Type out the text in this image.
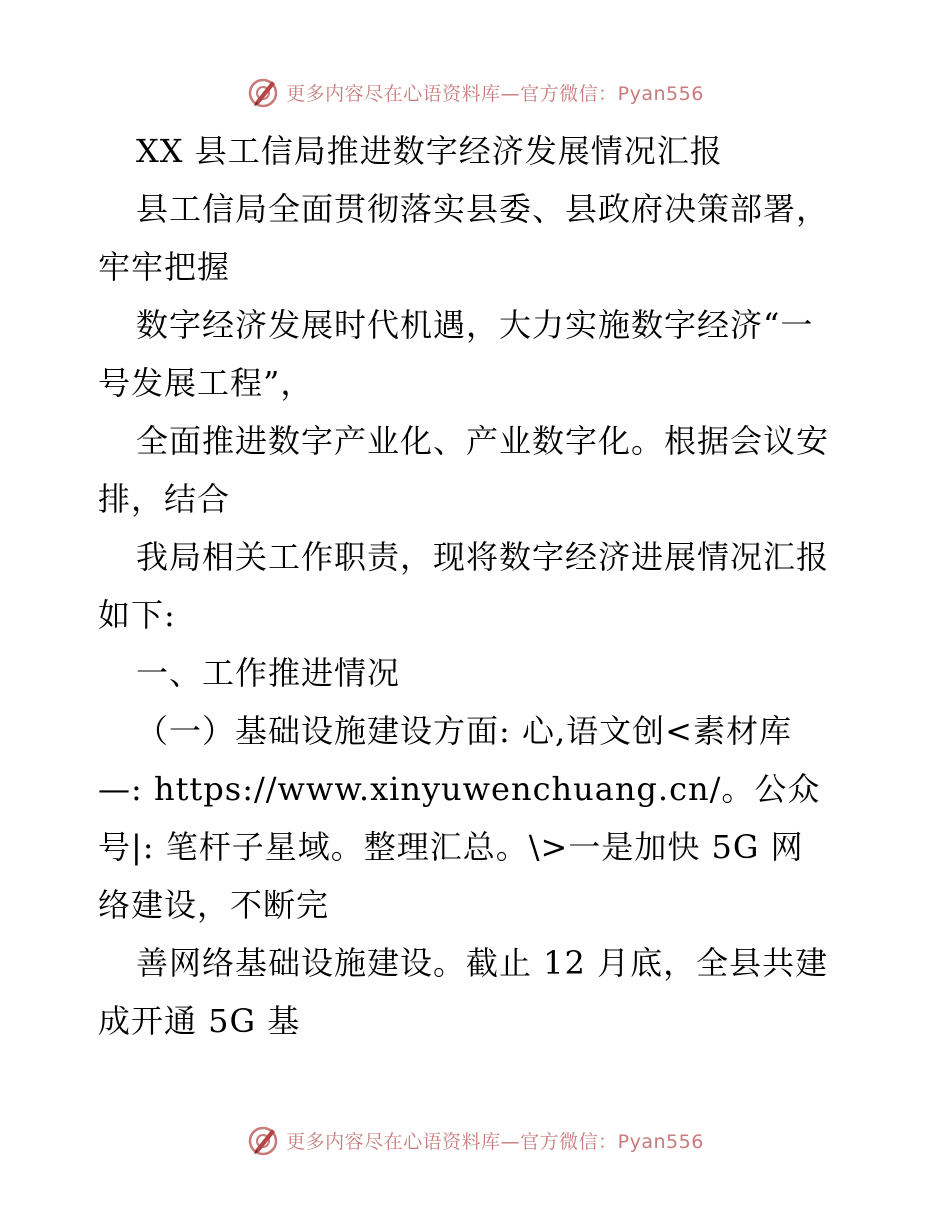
更多内容尽在心语资料库—官方微信：Pyan556
XX 县工信局推进数字经济发展情况汇报
县工信局全面贯彻落实县委、县政府决策部署，
牢牢把握
数字经济发展时代机遇，大力实施数字经济“一
号发展工程”，
全面推进数字产业化、产业数字化。根据会议安
排，结合
我局相关工作职责，现将数字经济进展情况汇报
如下:
一、工作推进情况
（一）基础设施建设方面: 心,语文创<素材库
—: https://www.xinyuwenchuang.cn/。公众
号|: 笔杆子星域。整理汇总。\>一是加快 5G 网
络建设，不断完
善网络基础设施建设。截止 12 月底，全县共建
成开通 5G 基
更多内容尽在心语资料库—官方微信：Pyan556
